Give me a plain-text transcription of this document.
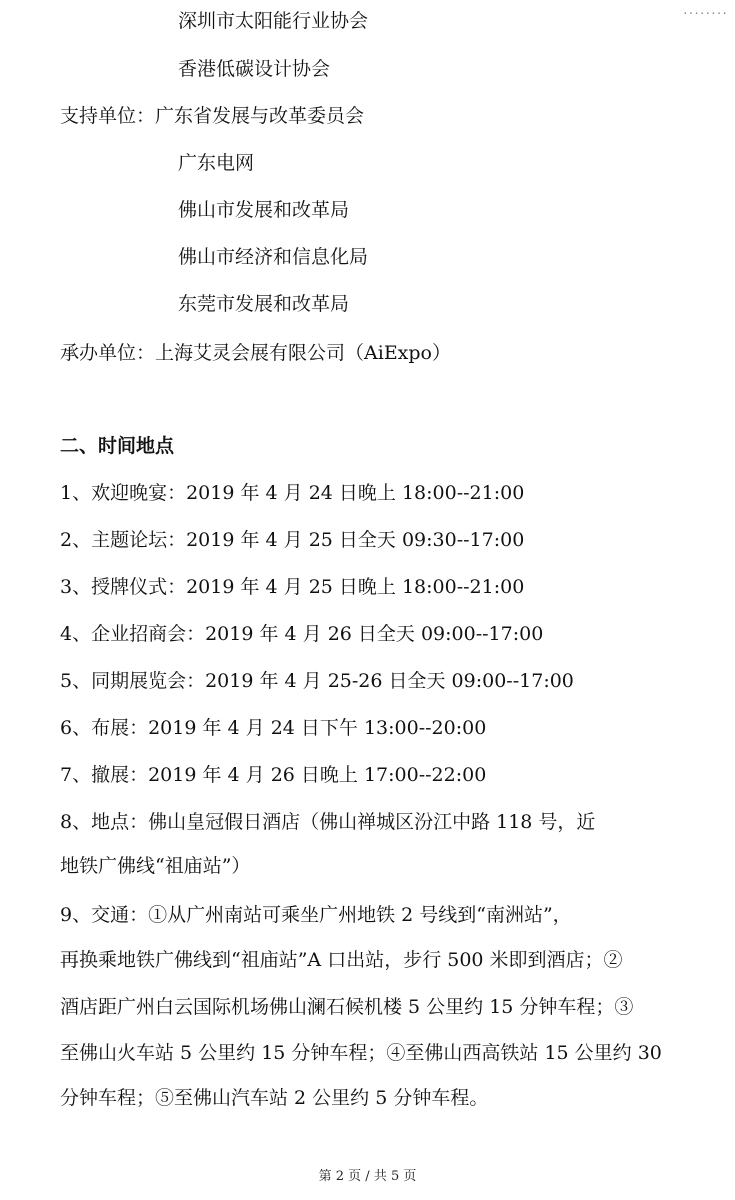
........
深圳市太阳能行业协会
香港低碳设计协会
支持单位：广东省发展与改革委员会
广东电网
佛山市发展和改革局
佛山市经济和信息化局
东莞市发展和改革局
承办单位：上海艾灵会展有限公司（AiExpo）
二、时间地点
1、欢迎晚宴：2019 年 4 月 24 日晚上 18:00--21:00
2、主题论坛：2019 年 4 月 25 日全天 09:30--17:00
3、授牌仪式：2019 年 4 月 25 日晚上 18:00--21:00
4、企业招商会：2019 年 4 月 26 日全天 09:00--17:00
5、同期展览会：2019 年 4 月 25-26 日全天 09:00--17:00
6、布展：2019 年 4 月 24 日下午 13:00--20:00
7、撤展：2019 年 4 月 26 日晚上 17:00--22:00
8、地点：佛山皇冠假日酒店（佛山禅城区汾江中路 118 号，近
地铁广佛线“祖庙站”）
9、交通：①从广州南站可乘坐广州地铁 2 号线到“南洲站”，
再换乘地铁广佛线到“祖庙站”A 口出站，步行 500 米即到酒店；②
酒店距广州白云国际机场佛山澜石候机楼 5 公里约 15 分钟车程；③
至佛山火车站 5 公里约 15 分钟车程；④至佛山西高铁站 15 公里约 30
分钟车程；⑤至佛山汽车站 2 公里约 5 分钟车程。
第 2 页 / 共 5 页
